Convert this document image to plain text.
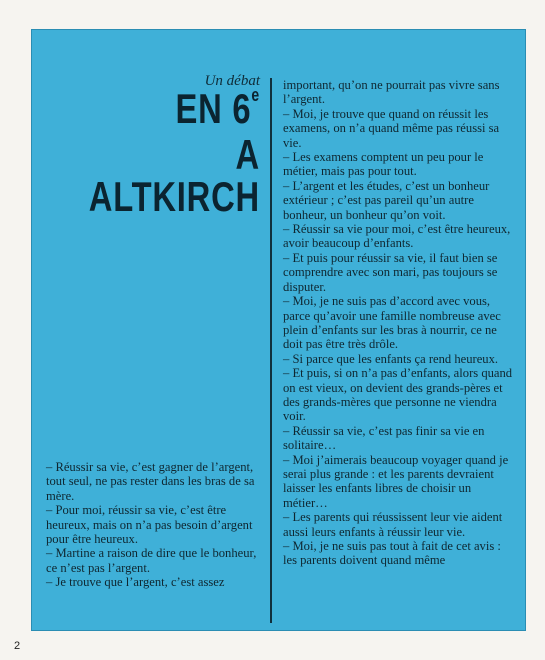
Un débat
EN 6e
A ALTKIRCH

– Réussir sa vie, c’est gagner de l’argent, tout seul, ne pas rester dans les bras de sa mère.

– Pour moi, réussir sa vie, c’est être heureux, mais on n’a pas besoin d’argent pour être heureux.

– Martine a raison de dire que le bonheur, ce n’est pas l’argent.

– Je trouve que l’argent, c’est assez

important, qu’on ne pourrait pas vivre sans l’argent.

– Moi, je trouve que quand on réussit les examens, on n’a quand même pas réussi sa vie.

– Les examens comptent un peu pour le métier, mais pas pour tout.

– L’argent et les études, c’est un bonheur extérieur ; c’est pas pareil qu’un autre bonheur, un bonheur qu’on voit.

– Réussir sa vie pour moi, c’est être heureux, avoir beaucoup d’enfants.

– Et puis pour réussir sa vie, il faut bien se comprendre avec son mari, pas toujours se disputer.

– Moi, je ne suis pas d’accord avec vous, parce qu’avoir une famille nombreuse avec plein d’enfants sur les bras à nourrir, ce ne doit pas être très drôle.

– Si parce que les enfants ça rend heureux.

– Et puis, si on n’a pas d’enfants, alors quand on est vieux, on devient des grands-pères et des grands-mères que personne ne viendra voir.

– Réussir sa vie, c’est pas finir sa vie en solitaire…

– Moi j’aimerais beaucoup voyager quand je serai plus grande : et les parents devraient laisser les enfants libres de choisir un métier…

– Les parents qui réussissent leur vie aident aussi leurs enfants à réussir leur vie.

– Moi, je ne suis pas tout à fait de cet avis : les parents doivent quand même

2
